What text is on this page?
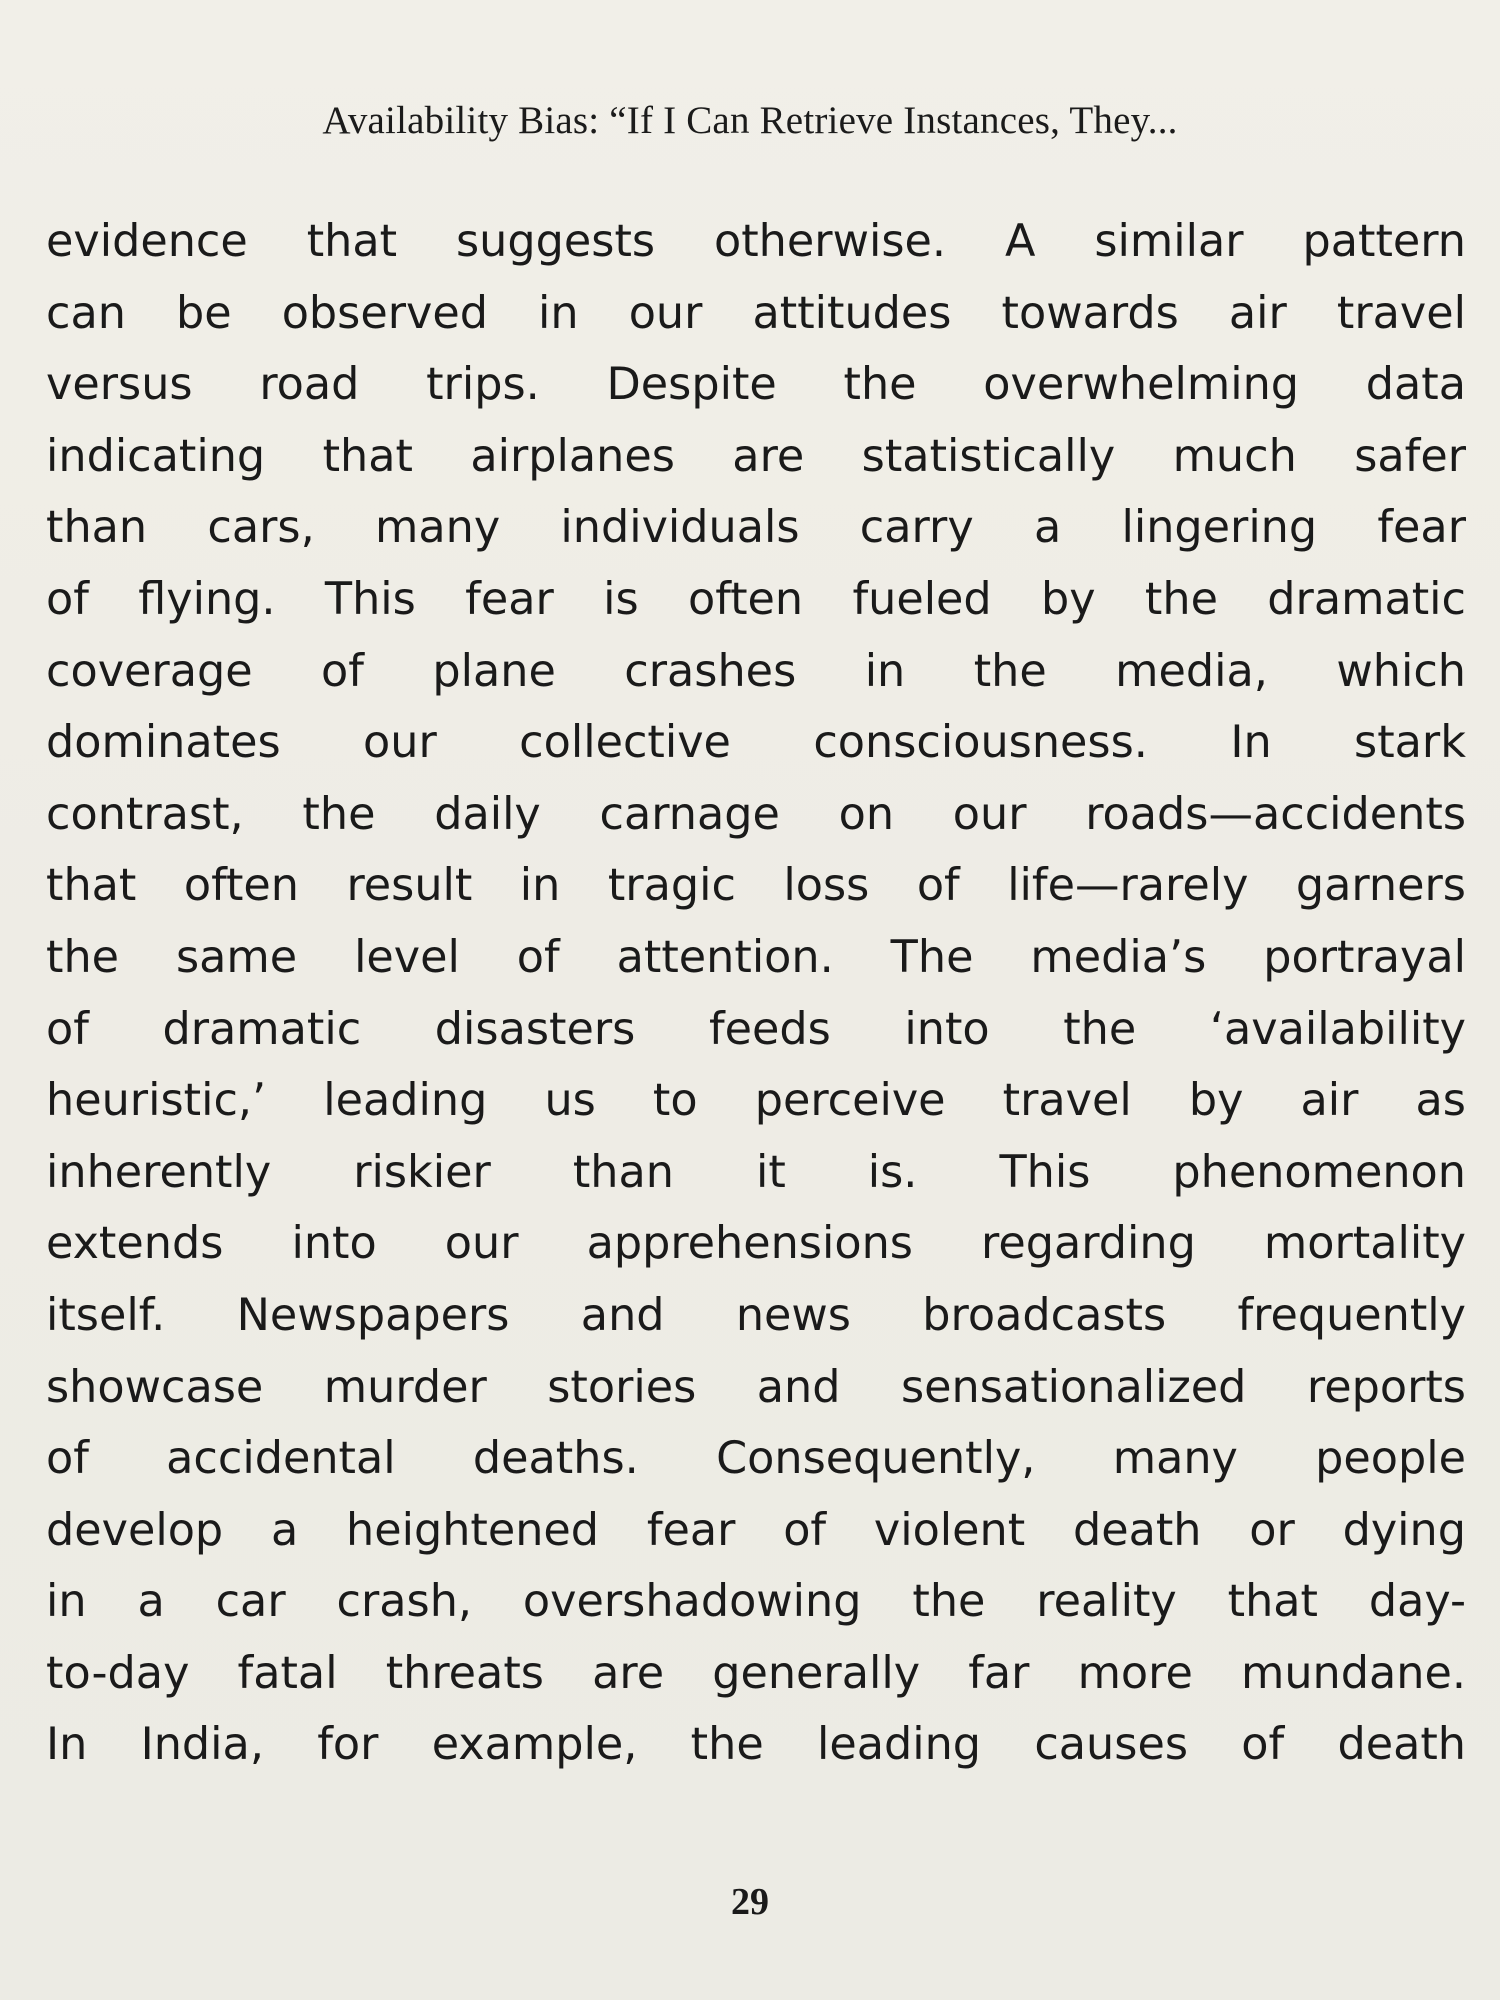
Availability Bias: “If I Can Retrieve Instances, They...
evidence that suggests otherwise. A similar pattern
can be observed in our attitudes towards air travel
versus road trips. Despite the overwhelming data
indicating that airplanes are statistically much safer
than cars, many individuals carry a lingering fear
of flying. This fear is often fueled by the dramatic
coverage of plane crashes in the media, which
dominates our collective consciousness. In stark
contrast, the daily carnage on our roads—accidents
that often result in tragic loss of life—rarely garners
the same level of attention. The media’s portrayal
of dramatic disasters feeds into the ‘availability
heuristic,’ leading us to perceive travel by air as
inherently riskier than it is. This phenomenon
extends into our apprehensions regarding mortality
itself. Newspapers and news broadcasts frequently
showcase murder stories and sensationalized reports
of accidental deaths. Consequently, many people
develop a heightened fear of violent death or dying
in a car crash, overshadowing the reality that day-
to-day fatal threats are generally far more mundane.
In India, for example, the leading causes of death
29
